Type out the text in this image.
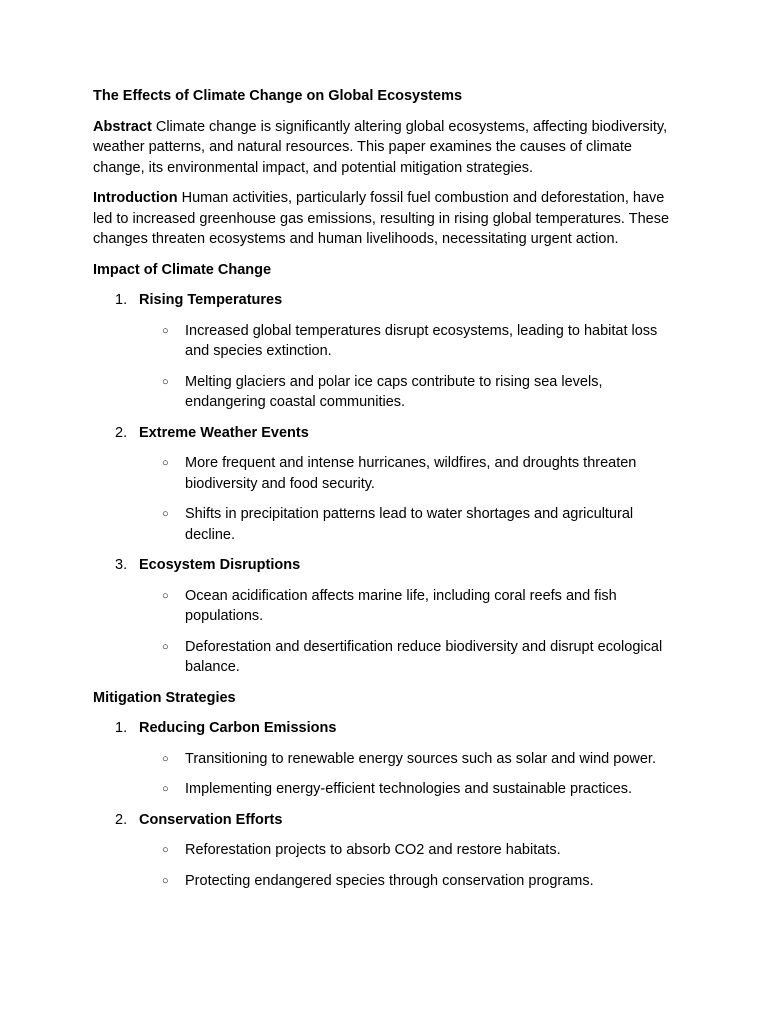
The Effects of Climate Change on Global Ecosystems

Abstract Climate change is significantly altering global ecosystems, affecting biodiversity, weather patterns, and natural resources. This paper examines the causes of climate change, its environmental impact, and potential mitigation strategies.

Introduction Human activities, particularly fossil fuel combustion and deforestation, have led to increased greenhouse gas emissions, resulting in rising global temperatures. These changes threaten ecosystems and human livelihoods, necessitating urgent action.

Impact of Climate Change
1. Rising Temperatures
○	Increased global temperatures disrupt ecosystems, leading to habitat loss and species extinction.
○	Melting glaciers and polar ice caps contribute to rising sea levels, endangering coastal communities.
2. Extreme Weather Events
○	More frequent and intense hurricanes, wildfires, and droughts threaten biodiversity and food security.
○	Shifts in precipitation patterns lead to water shortages and agricultural decline.
3. Ecosystem Disruptions
○	Ocean acidification affects marine life, including coral reefs and fish populations.
○	Deforestation and desertification reduce biodiversity and disrupt ecological balance.
Mitigation Strategies
1. Reducing Carbon Emissions
○	Transitioning to renewable energy sources such as solar and wind power.
○	Implementing energy-efficient technologies and sustainable practices.
2. Conservation Efforts
○	Reforestation projects to absorb CO2 and restore habitats.
○	Protecting endangered species through conservation programs.
